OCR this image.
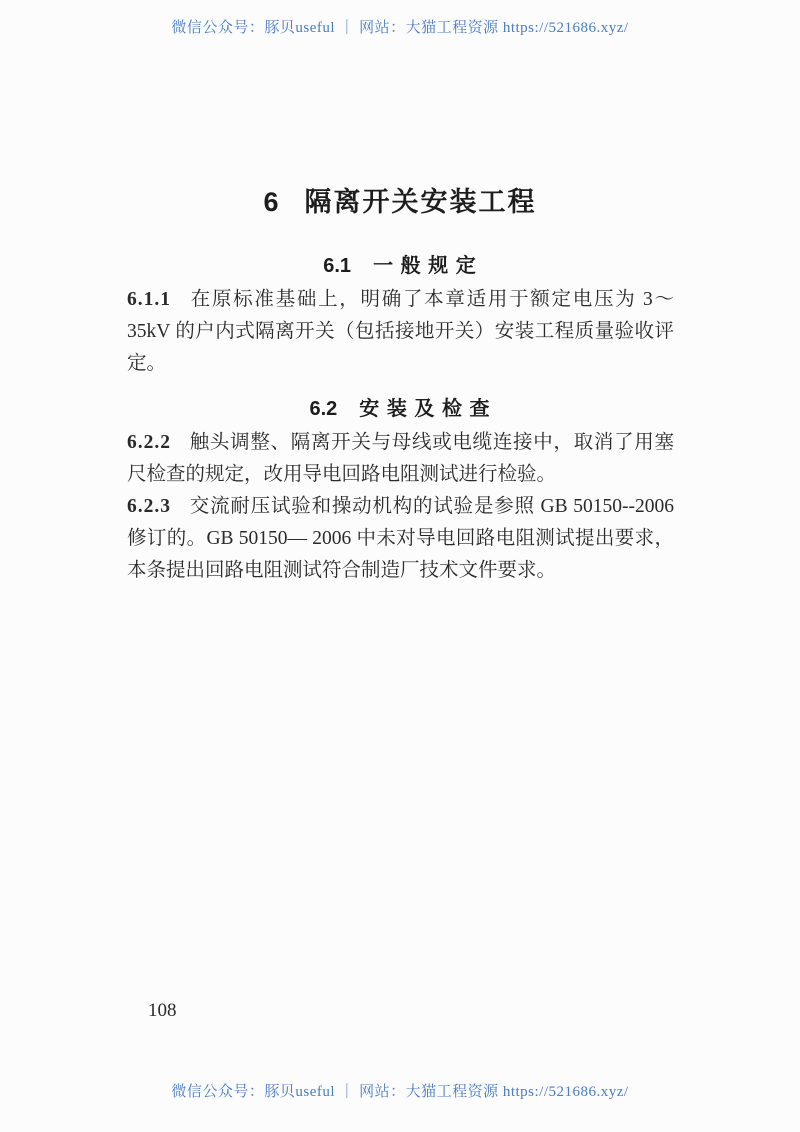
微信公众号：豚贝useful ｜ 网站：大猫工程资源 https://521686.xyz/
6 隔离开关安装工程
6.1 一 般 规 定

6.1.1 在原标准基础上，明确了本章适用于额定电压为 3～35kV 的户内式隔离开关（包括接地开关）安装工程质量验收评定。

6.2 安 装 及 检 查

6.2.2 触头调整、隔离开关与母线或电缆连接中，取消了用塞尺检查的规定，改用导电回路电阻测试进行检验。

6.2.3 交流耐压试验和操动机构的试验是参照 GB 50150--2006 修订的。GB 50150— 2006 中未对导电回路电阻测试提出要求，本条提出回路电阻测试符合制造厂技术文件要求。

108
微信公众号：豚贝useful ｜ 网站：大猫工程资源 https://521686.xyz/
